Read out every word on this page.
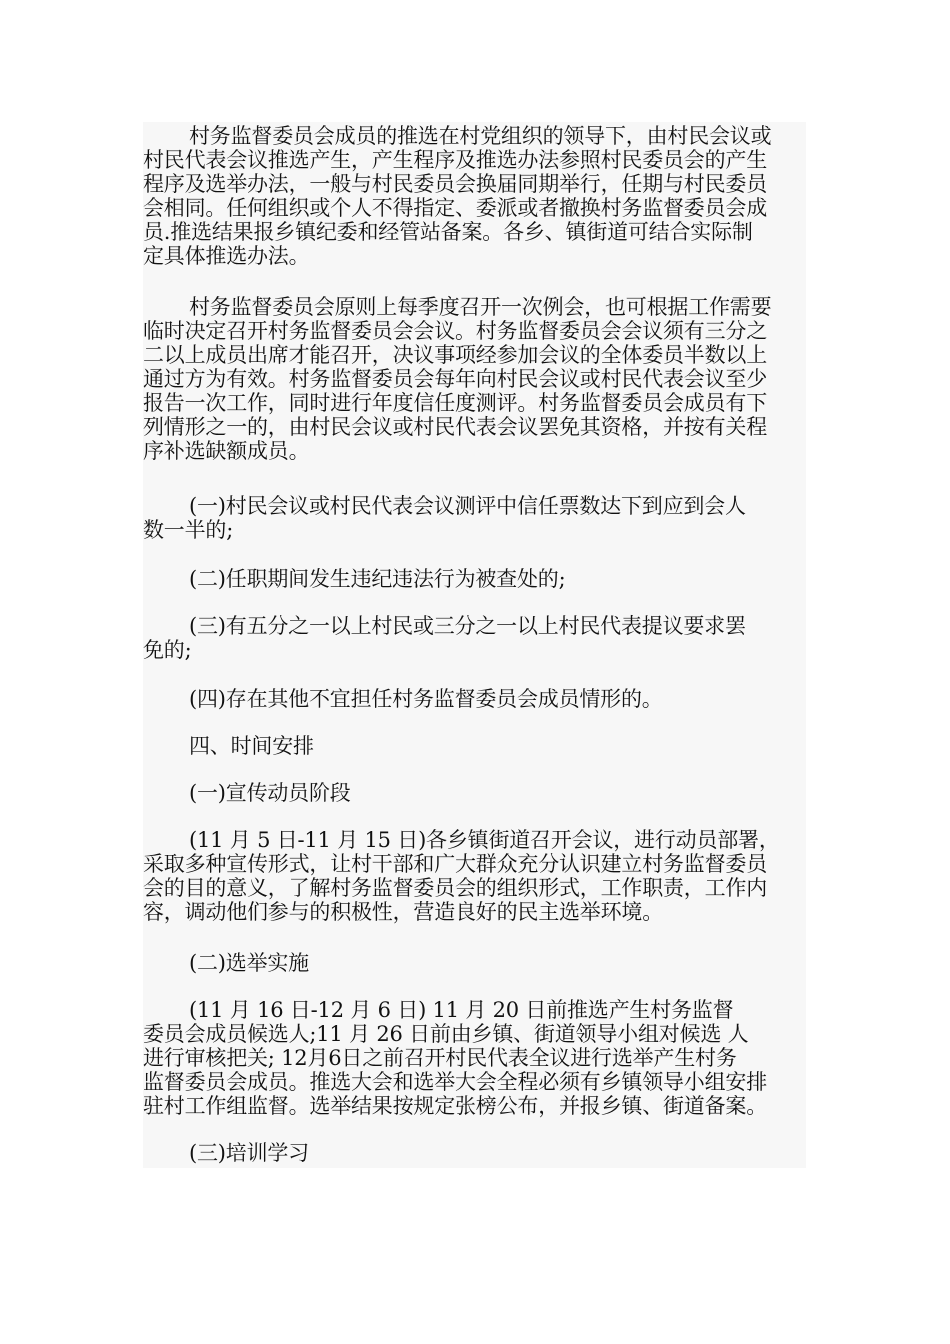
村务监督委员会成员的推选在村党组织的领导下，由村民会议或
村民代表会议推选产生，产生程序及推选办法参照村民委员会的产生
程序及选举办法，一般与村民委员会换届同期举行，任期与村民委员
会相同。任何组织或个人不得指定、委派或者撤换村务监督委员会成
员.推选结果报乡镇纪委和经管站备案。各乡、镇街道可结合实际制
定具体推选办法。
村务监督委员会原则上每季度召开一次例会，也可根据工作需要
临时决定召开村务监督委员会会议。村务监督委员会会议须有三分之
二以上成员出席才能召开，决议事项经参加会议的全体委员半数以上
通过方为有效。村务监督委员会每年向村民会议或村民代表会议至少
报告一次工作，同时进行年度信任度测评。村务监督委员会成员有下
列情形之一的，由村民会议或村民代表会议罢免其资格，并按有关程
序补选缺额成员。
(一)村民会议或村民代表会议测评中信任票数达下到应到会人
数一半的;
(二)任职期间发生违纪违法行为被查处的;
(三)有五分之一以上村民或三分之一以上村民代表提议要求罢
免的;
(四)存在其他不宜担任村务监督委员会成员情形的。
四、时间安排
(一)宣传动员阶段
(11 月 5 日-11 月 15 日)各乡镇街道召开会议，进行动员部署，
采取多种宣传形式，让村干部和广大群众充分认识建立村务监督委员
会的目的意义，了解村务监督委员会的组织形式，工作职责，工作内
容，调动他们参与的积极性，营造良好的民主选举环境。
(二)选举实施
(11 月 16 日-12 月 6 日) 11 月 20 日前推选产生村务监督
委员会成员候选人;11 月 26 日前由乡镇、街道领导小组对候选 人
进行审核把关; 12月6日之前召开村民代表全议进行选举产生村务
监督委员会成员。推选大会和选举大会全程必须有乡镇领导小组安排
驻村工作组监督。选举结果按规定张榜公布，并报乡镇、街道备案。
(三)培训学习
